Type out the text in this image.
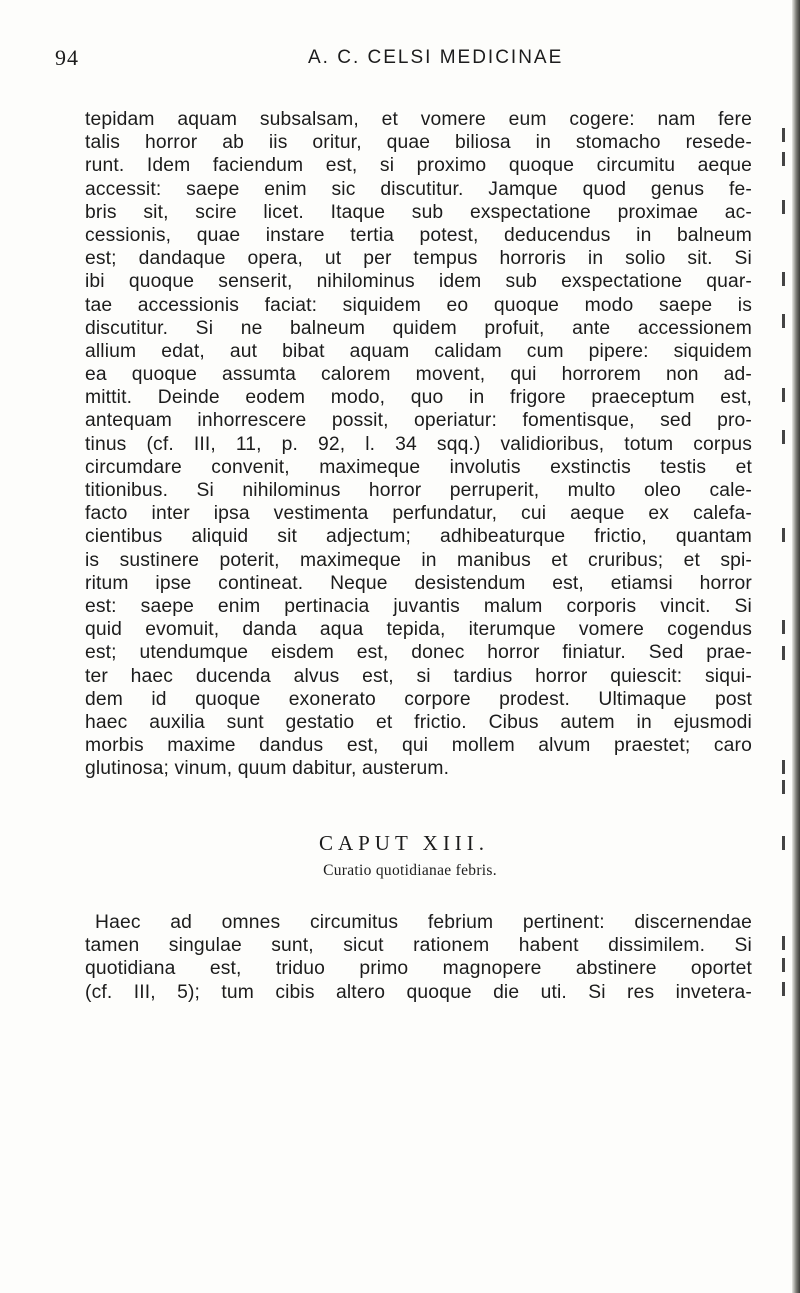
94	A. C. CELSI MEDICINAE
tepidam aquam subsalsam, et vomere eum cogere: nam fere
talis horror ab iis oritur, quae biliosa in stomacho resede-
runt. Idem faciendum est, si proximo quoque circumitu aeque
accessit: saepe enim sic discutitur. Jamque quod genus fe-
bris sit, scire licet. Itaque sub exspectatione proximae ac-
cessionis, quae instare tertia potest, deducendus in balneum
est; dandaque opera, ut per tempus horroris in solio sit. Si
ibi quoque senserit, nihilominus idem sub exspectatione quar-
tae accessionis faciat: siquidem eo quoque modo saepe is
discutitur. Si ne balneum quidem profuit, ante accessionem
allium edat, aut bibat aquam calidam cum pipere: siquidem
ea quoque assumta calorem movent, qui horrorem non ad-
mittit. Deinde eodem modo, quo in frigore praeceptum est,
antequam inhorrescere possit, operiatur: fomentisque, sed pro-
tinus (cf. III, 11, p. 92, l. 34 sqq.) validioribus, totum corpus
circumdare convenit, maximeque involutis exstinctis testis et
titionibus. Si nihilominus horror perruperit, multo oleo cale-
facto inter ipsa vestimenta perfundatur, cui aeque ex calefa-
cientibus aliquid sit adjectum; adhibeaturque frictio, quantam
is sustinere poterit, maximeque in manibus et cruribus; et spi-
ritum ipse contineat. Neque desistendum est, etiamsi horror
est: saepe enim pertinacia juvantis malum corporis vincit. Si
quid evomuit, danda aqua tepida, iterumque vomere cogendus
est; utendumque eisdem est, donec horror finiatur. Sed prae-
ter haec ducenda alvus est, si tardius horror quiescit: siqui-
dem id quoque exonerato corpore prodest. Ultimaque post
haec auxilia sunt gestatio et frictio. Cibus autem in ejusmodi
morbis maxime dandus est, qui mollem alvum praestet; caro
glutinosa; vinum, quum dabitur, austerum.
CAPUT XIII.
Curatio quotidianae febris.
Haec ad omnes circumitus febrium pertinent: discernendae
tamen singulae sunt, sicut rationem habent dissimilem. Si
quotidiana est, triduo primo magnopere abstinere oportet
(cf. III, 5); tum cibis altero quoque die uti. Si res invetera-
